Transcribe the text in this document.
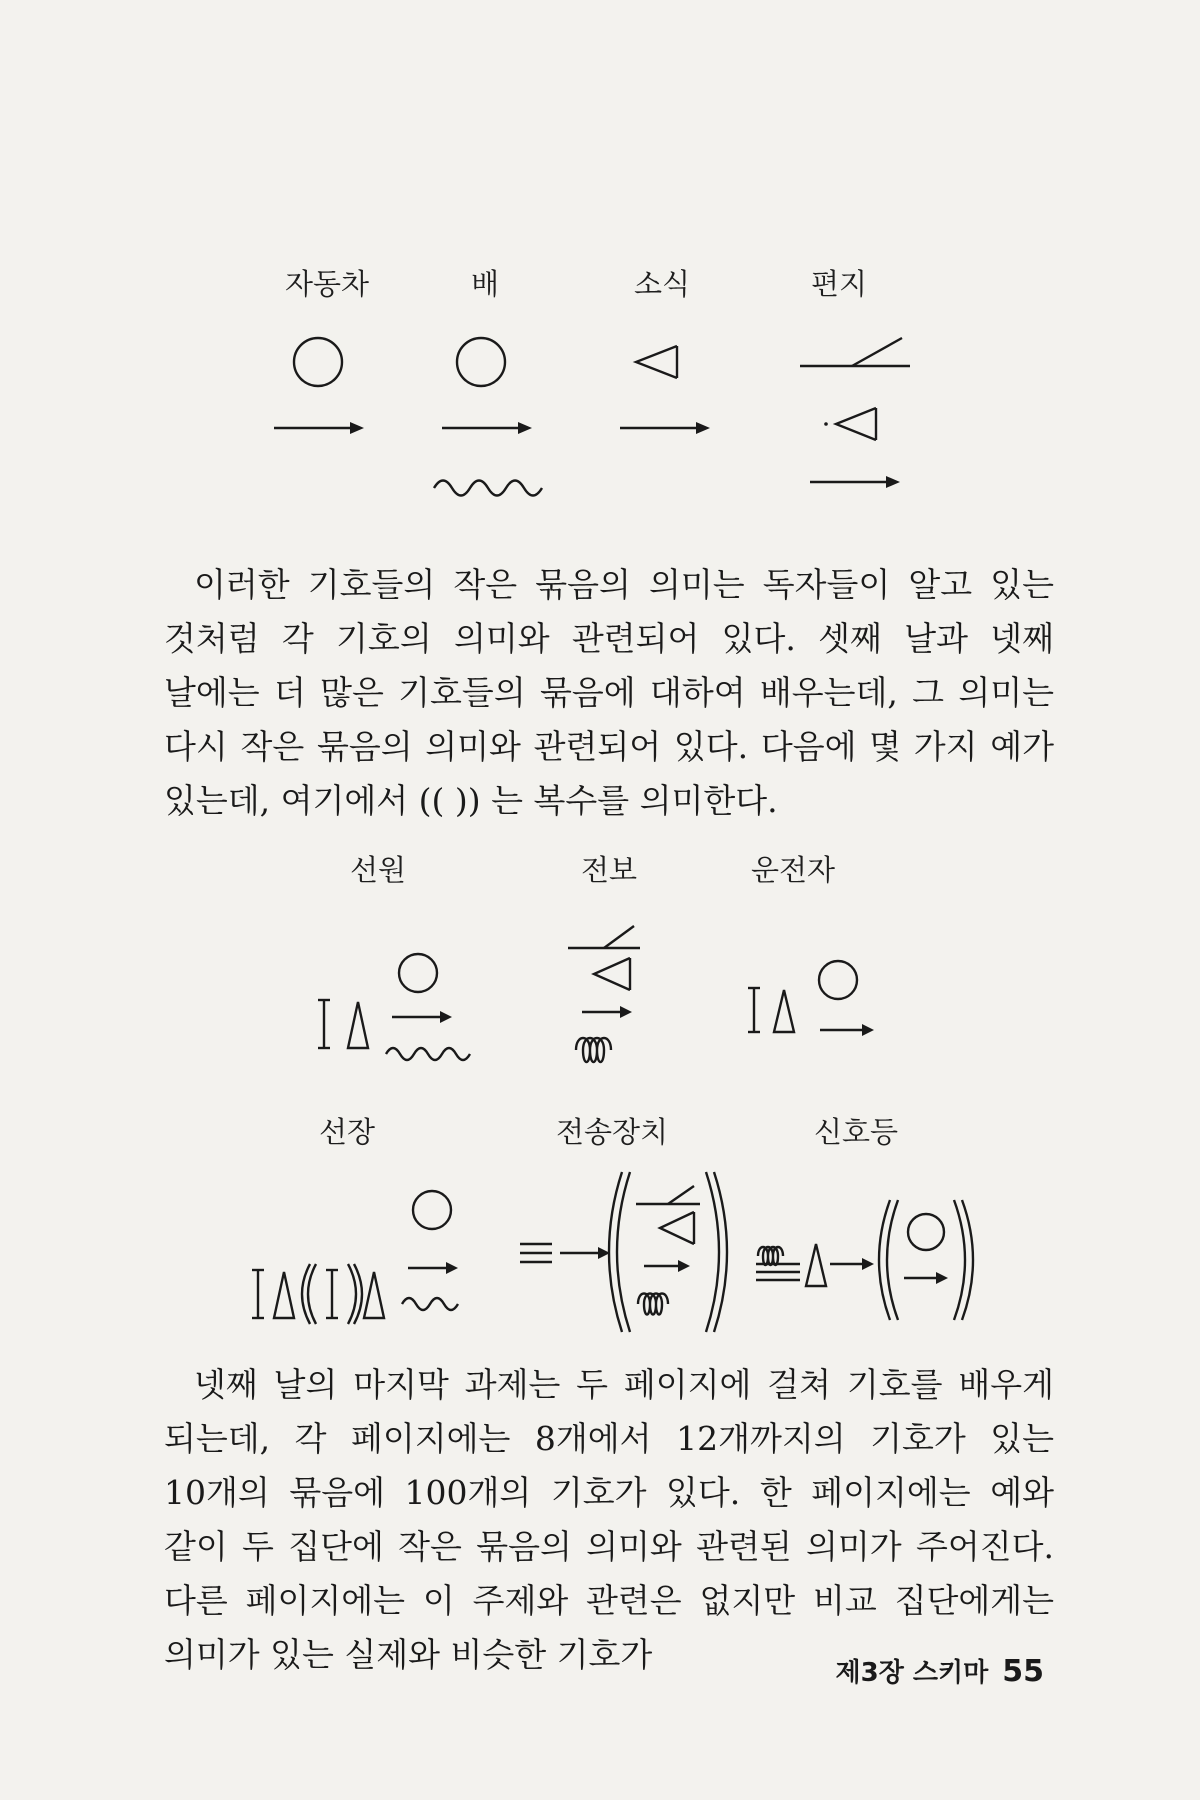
자동차	배	소식	편지

이러한 기호들의 작은 묶음의 의미는 독자들이 알고 있는 것처럼 각 기호의 의미와 관련되어 있다. 셋째 날과 넷째 날에는 더 많은 기호들의 묶음에 대하여 배우는데, 그 의미는 다시 작은 묶음의 의미와 관련되어 있다. 다음에 몇 가지 예가 있는데, 여기에서 (( )) 는 복수를 의미한다.

선원	전보	운전자
선장	전송장치	신호등

넷째 날의 마지막 과제는 두 페이지에 걸쳐 기호를 배우게 되는데, 각 페이지에는 8개에서 12개까지의 기호가 있는 10개의 묶음에 100개의 기호가 있다. 한 페이지에는 예와 같이 두 집단에 작은 묶음의 의미와 관련된 의미가 주어진다. 다른 페이지에는 이 주제와 관련은 없지만 비교 집단에게는 의미가 있는 실제와 비슷한 기호가	제3장 스키마 55
